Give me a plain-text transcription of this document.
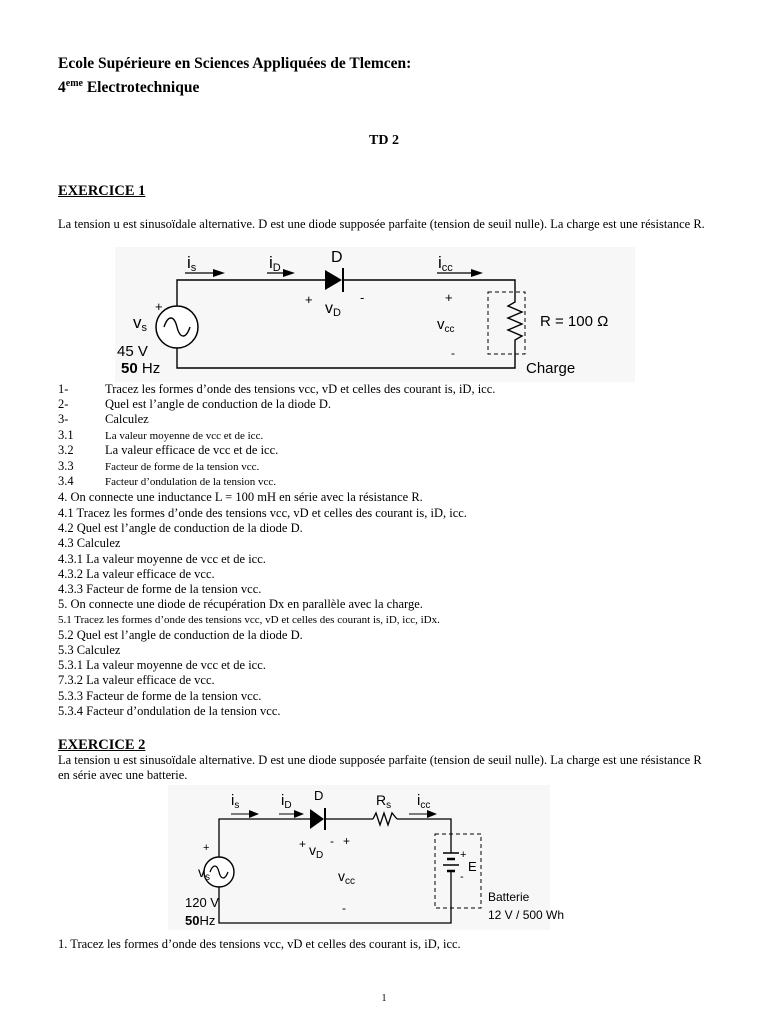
Ecole Supérieure en Sciences Appliquées de Tlemcen:
4eme Electrotechnique
TD 2
EXERCICE 1
La tension u est sinusoïdale alternative. D est une diode supposée parfaite (tension de seuil nulle). La charge est une résistance R.
is	iD
D	icc
+
vD
-
+
vs
+
$v_{cc}$
-
45 V
50 Hz
R = 100 Ω
Charge
1-	Tracez les formes d’onde des tensions vcc, vD et celles des courant is, iD, icc.
2-	Quel est l’angle de conduction de la diode D.
3-	Calculez
3.1	La valeur moyenne de vcc et de icc.
3.2	La valeur efficace de vcc et de icc.
3.3	Facteur de forme de la tension vcc.
3.4	Facteur d’ondulation de la tension vcc.
4. On connecte une inductance L = 100 mH en série avec la résistance R.
4.1 Tracez les formes d’onde des tensions vcc, vD et celles des courant is, iD, icc.
4.2 Quel est l’angle de conduction de la diode D.
4.3 Calculez
4.3.1 La valeur moyenne de vcc et de icc.
4.3.2 La valeur efficace de vcc.
4.3.3 Facteur de forme de la tension vcc.
5. On connecte une diode de récupération Dx en parallèle avec la charge.
5.1 Tracez les formes d’onde des tensions vcc, vD et celles des courant is, iD, icc, iDx.
5.2 Quel est l’angle de conduction de la diode D.
5.3 Calculez
5.3.1 La valeur moyenne de vcc et de icc.
7.3.2 La valeur efficace de vcc.
5.3.3 Facteur de forme de la tension vcc.
5.3.4 Facteur d’ondulation de la tension vcc.
EXERCICE 2
La tension u est sinusoïdale alternative. D est une diode supposée parfaite (tension de seuil nulle). La charge est une résistance R en série avec une batterie.
$i_s$	$i_D$
D	$R_s$ $i_{cc}$
+ $v_D$
- +
$v_{cc}$
-
+
$v_s$
+
E
-
120 V
50Hz
Batterie
12 V / 500 Wh
1. Tracez les formes d’onde des tensions vcc, vD et celles des courant is, iD, icc.
1
